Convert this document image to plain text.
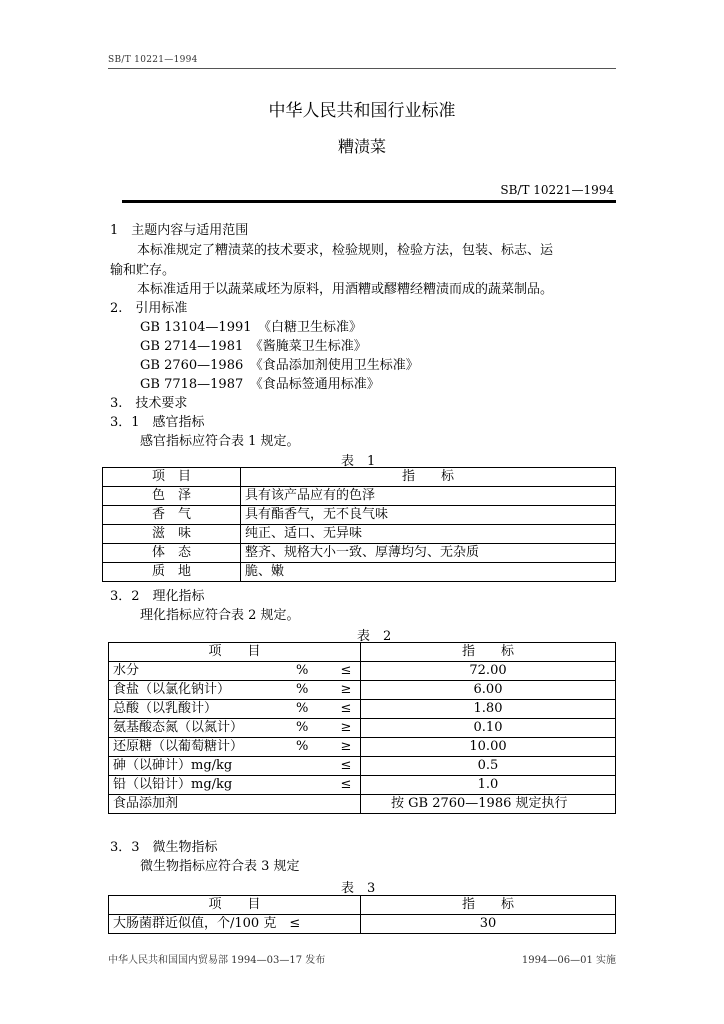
SB/T 10221—1994
中华人民共和国行业标准
糟渍菜
SB/T 10221—1994
1　主题内容与适用范围
本标准规定了糟渍菜的技术要求，检验规则，检验方法，包装、标志、运
输和贮存。
本标准适用于以蔬菜咸坯为原料，用酒糟或醪糟经糟渍而成的蔬菜制品。
2.　引用标准
GB 13104—1991　《白糖卫生标准》
GB 2714—1981　《酱腌菜卫生标准》
GB 2760—1986　《食品添加剂使用卫生标准》
GB 7718—1987　《食品标签通用标准》
3.　技术要求
3．1　感官指标
感官指标应符合表 1 规定。
表　1
项　目	指　　标
色　泽	具有该产品应有的色泽
香　气	具有酯香气，无不良气味
滋　味	纯正、适口、无异味
体　态	整齐、规格大小一致、厚薄均匀、无杂质
质　地	脆、嫩
3．2　理化指标
理化指标应符合表 2 规定。
表　2
项　　目	指　　标

水分 % ≤	72.00

食盐（以氯化钠计） % ≥	6.00

总酸（以乳酸计） % ≤	1.80

氨基酸态氮（以氮计） % ≥	0.10

还原糖（以葡萄糖计） % ≥	10.00

砷（以砷计）mg/kg ≤	0.5

铅（以铅计）mg/kg ≤	1.0
食品添加剂	按 GB 2760—1986 规定执行
3．3　微生物指标
微生物指标应符合表 3 规定
表　3
项　　目	指　　标
大肠菌群近似值，个/100 克　 ≤	30
中华人民共和国国内贸易部 1994—03—17 发布	1994—06—01 实施
